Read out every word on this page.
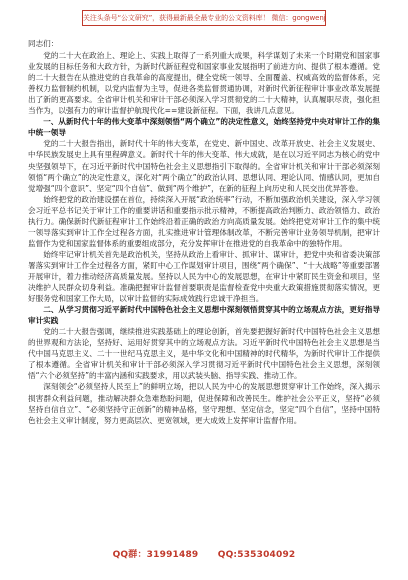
关注头条号“公文研究”，获得最新最全最专业的公文资料库！ 微信：gongwenj

同志们：

党的二十大在政治上、理论上、实践上取得了一系列重大成果，科学谋划了未来一个时期党和国家事业发展的目标任务和大政方针，为新时代新征程党和国家事业发展指明了前进方向、提供了根本遵循。党的二十大报告在从推进党的自我革命的高度提出，健全党统一领导、全面覆盖、权威高效的监督体系，完善权力监督制约机制，以党内监督为主导，促进各类监督贯通协调，对新时代新征程审计事业改革发展提出了新的更高要求。全省审计机关和审计干部必须深入学习贯彻党的二十大精神，认真履职尽责，强化担当作为，以强有力的审计监督护航现代化==建设新征程。下面，我讲几点意见。

一、从新时代十年的伟大变革中深刻领悟“两个确立”的决定性意义，始终坚持党中央对审计工作的集中统一领导

党的二十大报告指出，新时代十年的伟大变革，在党史、新中国史、改革开放史、社会主义发展史、中华民族发展史上具有里程碑意义。新时代十年的伟大变革、伟大成就，是在以习近平同志为核心的党中央坚强领导下，在习近平新时代中国特色社会主义思想指引下取得的。全省审计机关和审计干部必须深刻领悟“两个确立”的决定性意义，深化对“两个确立”的政治认同、思想认同、理论认同、情感认同，更加自觉增强“四个意识”、坚定“四个自信”、做到“两个维护”，在新的征程上向历史和人民交出优异答卷。

始终把党的政治建设摆在首位，持续深入开展“政治统率”行动，不断加强政治机关建设，深入学习领会习近平总书记关于审计工作的重要讲话和重要指示批示精神，不断提高政治判断力、政治领悟力、政治执行力。确保新时代新征程审计工作始终沿着正确的政治方向高质量发展。始终把党对审计工作的集中统一领导落实到审计工作全过程各方面，扎实推进审计管理体制改革，不断完善审计业务领导机制，把审计监督作为党和国家监督体系的重要组成部分，充分发挥审计在推进党的自我革命中的独特作用。

始终牢记审计机关首先是政治机关，坚持从政治上看审计、抓审计、谋审计，把党中央和省委决策部署落实到审计工作全过程各方面，紧盯中心工作谋划审计项目，围绕“两个确保”、“十大战略”等重要部署开展审计，着力推动经济高质量发展。坚持以人民为中心的发展思想，在审计中紧盯民生资金和项目，坚决维护人民群众切身利益。准确把握审计监督首要职责是监督检查党中央重大政策措施贯彻落实情况，更好服务党和国家工作大局，以审计监督的实际成效践行忠诚干净担当。

二、从学习贯彻习近平新时代中国特色社会主义思想中深刻领悟贯穿其中的立场观点方法，更好指导审计实践

党的二十大报告强调，继续推进实践基础上的理论创新，首先要把握好新时代中国特色社会主义思想的世界观和方法论，坚持好、运用好贯穿其中的立场观点方法。习近平新时代中国特色社会主义思想是当代中国马克思主义、二十一世纪马克思主义，是中华文化和中国精神的时代精华，为新时代审计工作提供了根本遵循。全省审计机关和审计干部必须深入学习贯彻习近平新时代中国特色社会主义思想，深刻领悟“六个必须坚持”的丰富内涵和实践要求，用以武装头脑、指导实践、推动工作。

深刻领会“必须坚持人民至上”的鲜明立场，把以人民为中心的发展思想贯穿审计工作始终，深入揭示损害群众利益问题，推动解决群众急难愁盼问题，促进保障和改善民生。维护社会公平正义，坚持“必须坚持自信自立”、“必须坚持守正创新”的精神品格，坚守理想、坚定信念，坚定“四个自信”，坚持中国特色社会主义审计制度，努力更高层次、更宽领域，更大成效上发挥审计监督作用。

QQ群：31991489 QQ:535304092
